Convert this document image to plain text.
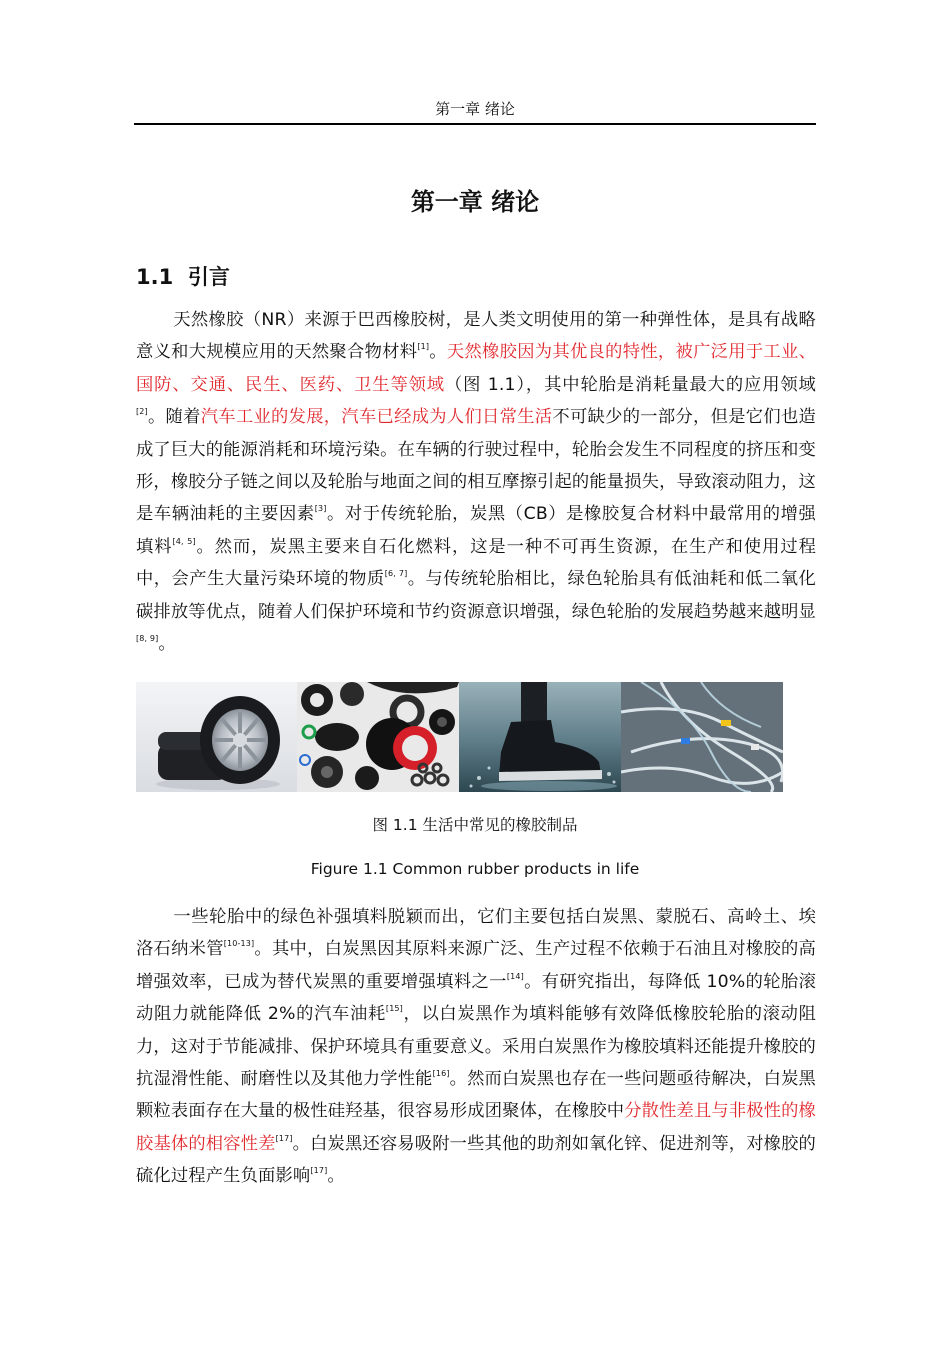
第一章 绪论
第一章 绪论
1.1 引言

天然橡胶（NR）来源于巴西橡胶树，是人类文明使用的第一种弹性体，是具有战略意义和大规模应用的天然聚合物材料[1]。天然橡胶因为其优良的特性，被广泛用于工业、国防、交通、民生、医药、卫生等领域（图 1.1），其中轮胎是消耗量最大的应用领域[2]。随着汽车工业的发展，汽车已经成为人们日常生活不可缺少的一部分，但是它们也造成了巨大的能源消耗和环境污染。在车辆的行驶过程中，轮胎会发生不同程度的挤压和变形，橡胶分子链之间以及轮胎与地面之间的相互摩擦引起的能量损失，导致滚动阻力，这是车辆油耗的主要因素[3]。对于传统轮胎，炭黑（CB）是橡胶复合材料中最常用的增强填料[4, 5]。然而，炭黑主要来自石化燃料，这是一种不可再生资源，在生产和使用过程中，会产生大量污染环境的物质[6, 7]。与传统轮胎相比，绿色轮胎具有低油耗和低二氧化碳排放等优点，随着人们保护环境和节约资源意识增强，绿色轮胎的发展趋势越来越明显[8, 9]。

图 1.1 生活中常见的橡胶制品
Figure 1.1 Common rubber products in life

一些轮胎中的绿色补强填料脱颖而出，它们主要包括白炭黑、蒙脱石、高岭土、埃洛石纳米管[10-13]。其中，白炭黑因其原料来源广泛、生产过程不依赖于石油且对橡胶的高增强效率，已成为替代炭黑的重要增强填料之一[14]。有研究指出，每降低 10%的轮胎滚动阻力就能降低 2%的汽车油耗[15]，以白炭黑作为填料能够有效降低橡胶轮胎的滚动阻力，这对于节能减排、保护环境具有重要意义。采用白炭黑作为橡胶填料还能提升橡胶的抗湿滑性能、耐磨性以及其他力学性能[16]。然而白炭黑也存在一些问题亟待解决，白炭黑颗粒表面存在大量的极性硅羟基，很容易形成团聚体，在橡胶中分散性差且与非极性的橡胶基体的相容性差[17]。白炭黑还容易吸附一些其他的助剂如氧化锌、促进剂等，对橡胶的硫化过程产生负面影响[17]。
